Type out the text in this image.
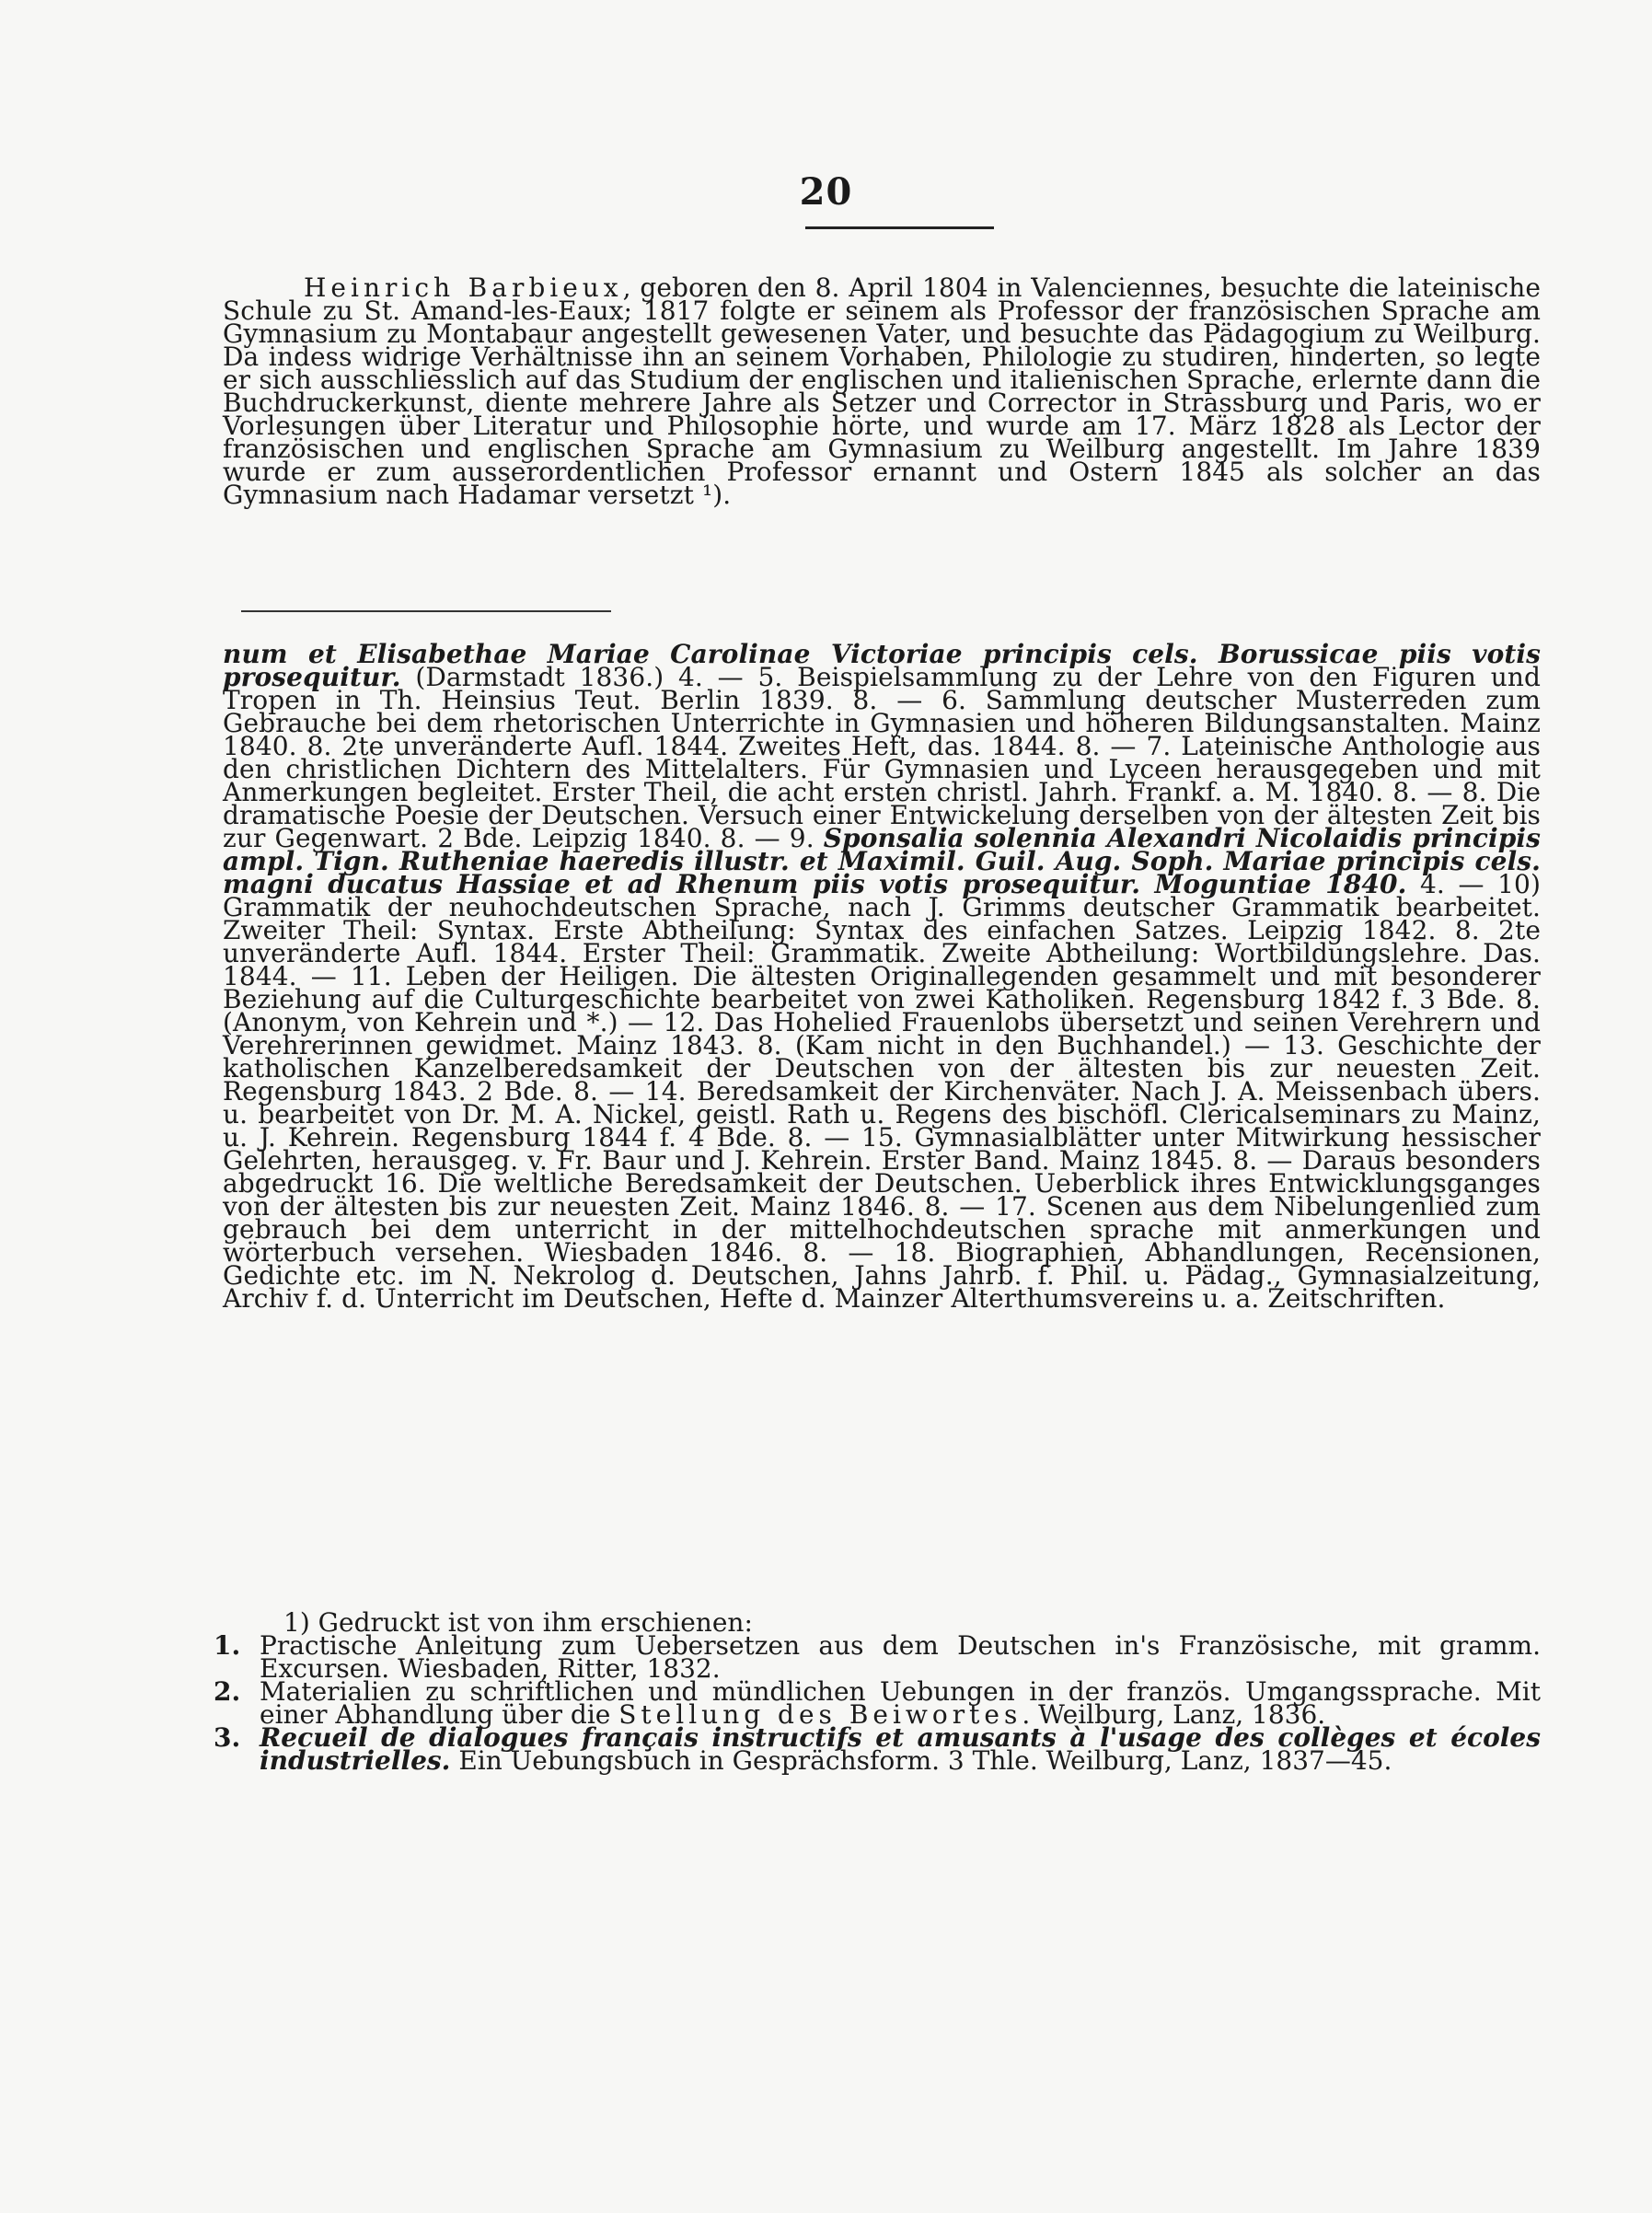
20

Heinrich Barbieux, geboren den 8. April 1804 in Valenciennes, besuchte die lateinische Schule zu St. Amand-les-Eaux; 1817 folgte er seinem als Professor der französischen Sprache am Gymnasium zu Montabaur angestellt gewesenen Vater, und besuchte das Pädagogium zu Weilburg. Da indess widrige Verhältnisse ihn an seinem Vorhaben, Philologie zu studiren, hinderten, so legte er sich ausschliesslich auf das Studium der englischen und italienischen Sprache, erlernte dann die Buchdruckerkunst, diente mehrere Jahre als Setzer und Corrector in Strassburg und Paris, wo er Vorlesungen über Literatur und Philosophie hörte, und wurde am 17. März 1828 als Lector der französischen und englischen Sprache am Gymnasium zu Weilburg angestellt. Im Jahre 1839 wurde er zum ausserordentlichen Professor ernannt und Ostern 1845 als solcher an das Gymnasium nach Hadamar versetzt ¹).

num et Elisabethae Mariae Carolinae Victoriae principis cels. Borussicae piis votis prosequitur. (Darmstadt 1836.) 4. — 5. Beispielsammlung zu der Lehre von den Figuren und Tropen in Th. Heinsius Teut. Berlin 1839. 8. — 6. Sammlung deutscher Musterreden zum Gebrauche bei dem rhetorischen Unterrichte in Gymnasien und höheren Bildungsanstalten. Mainz 1840. 8. 2te unveränderte Aufl. 1844. Zweites Heft, das. 1844. 8. — 7. Lateinische Anthologie aus den christlichen Dichtern des Mittelalters. Für Gymnasien und Lyceen herausgegeben und mit Anmerkungen begleitet. Erster Theil, die acht ersten christl. Jahrh. Frankf. a. M. 1840. 8. — 8. Die dramatische Poesie der Deutschen. Versuch einer Entwickelung derselben von der ältesten Zeit bis zur Gegenwart. 2 Bde. Leipzig 1840. 8. — 9. Sponsalia solennia Alexandri Nicolaidis principis ampl. Tign. Rutheniae haeredis illustr. et Maximil. Guil. Aug. Soph. Mariae principis cels. magni ducatus Hassiae et ad Rhenum piis votis prosequitur. Moguntiae 1840. 4. — 10) Grammatik der neuhochdeutschen Sprache, nach J. Grimms deutscher Grammatik bearbeitet. Zweiter Theil: Syntax. Erste Abtheilung: Syntax des einfachen Satzes. Leipzig 1842. 8. 2te unveränderte Aufl. 1844. Erster Theil: Grammatik. Zweite Abtheilung: Wortbildungslehre. Das. 1844. — 11. Leben der Heiligen. Die ältesten Originallegenden gesammelt und mit besonderer Beziehung auf die Culturgeschichte bearbeitet von zwei Katholiken. Regensburg 1842 f. 3 Bde. 8. (Anonym, von Kehrein und *.) — 12. Das Hohelied Frauenlobs übersetzt und seinen Verehrern und Verehrerinnen gewidmet. Mainz 1843. 8. (Kam nicht in den Buchhandel.) — 13. Geschichte der katholischen Kanzelberedsamkeit der Deutschen von der ältesten bis zur neuesten Zeit. Regensburg 1843. 2 Bde. 8. — 14. Beredsamkeit der Kirchenväter. Nach J. A. Meissenbach übers. u. bearbeitet von Dr. M. A. Nickel, geistl. Rath u. Regens des bischöfl. Clericalseminars zu Mainz, u. J. Kehrein. Regensburg 1844 f. 4 Bde. 8. — 15. Gymnasialblätter unter Mitwirkung hessischer Gelehrten, herausgeg. v. Fr. Baur und J. Kehrein. Erster Band. Mainz 1845. 8. — Daraus besonders abgedruckt 16. Die weltliche Beredsamkeit der Deutschen. Ueberblick ihres Entwicklungsganges von der ältesten bis zur neuesten Zeit. Mainz 1846. 8. — 17. Scenen aus dem Nibelungenlied zum gebrauch bei dem unterricht in der mittelhochdeutschen sprache mit anmerkungen und wörterbuch versehen. Wiesbaden 1846. 8. — 18. Biographien, Abhandlungen, Recensionen, Gedichte etc. im N. Nekrolog d. Deutschen, Jahns Jahrb. f. Phil. u. Pädag., Gymnasialzeitung, Archiv f. d. Unterricht im Deutschen, Hefte d. Mainzer Alterthumsvereins u. a. Zeitschriften.

1) Gedruckt ist von ihm erschienen:

1. Practische Anleitung zum Uebersetzen aus dem Deutschen in's Französische, mit gramm. Excursen. Wiesbaden, Ritter, 1832.

2. Materialien zu schriftlichen und mündlichen Uebungen in der französ. Umgangssprache. Mit einer Abhandlung über die Stellung des Beiwortes. Weilburg, Lanz, 1836.

3. Recueil de dialogues français instructifs et amusants à l'usage des collèges et écoles industrielles. Ein Uebungsbuch in Gesprächsform. 3 Thle. Weilburg, Lanz, 1837—45.
